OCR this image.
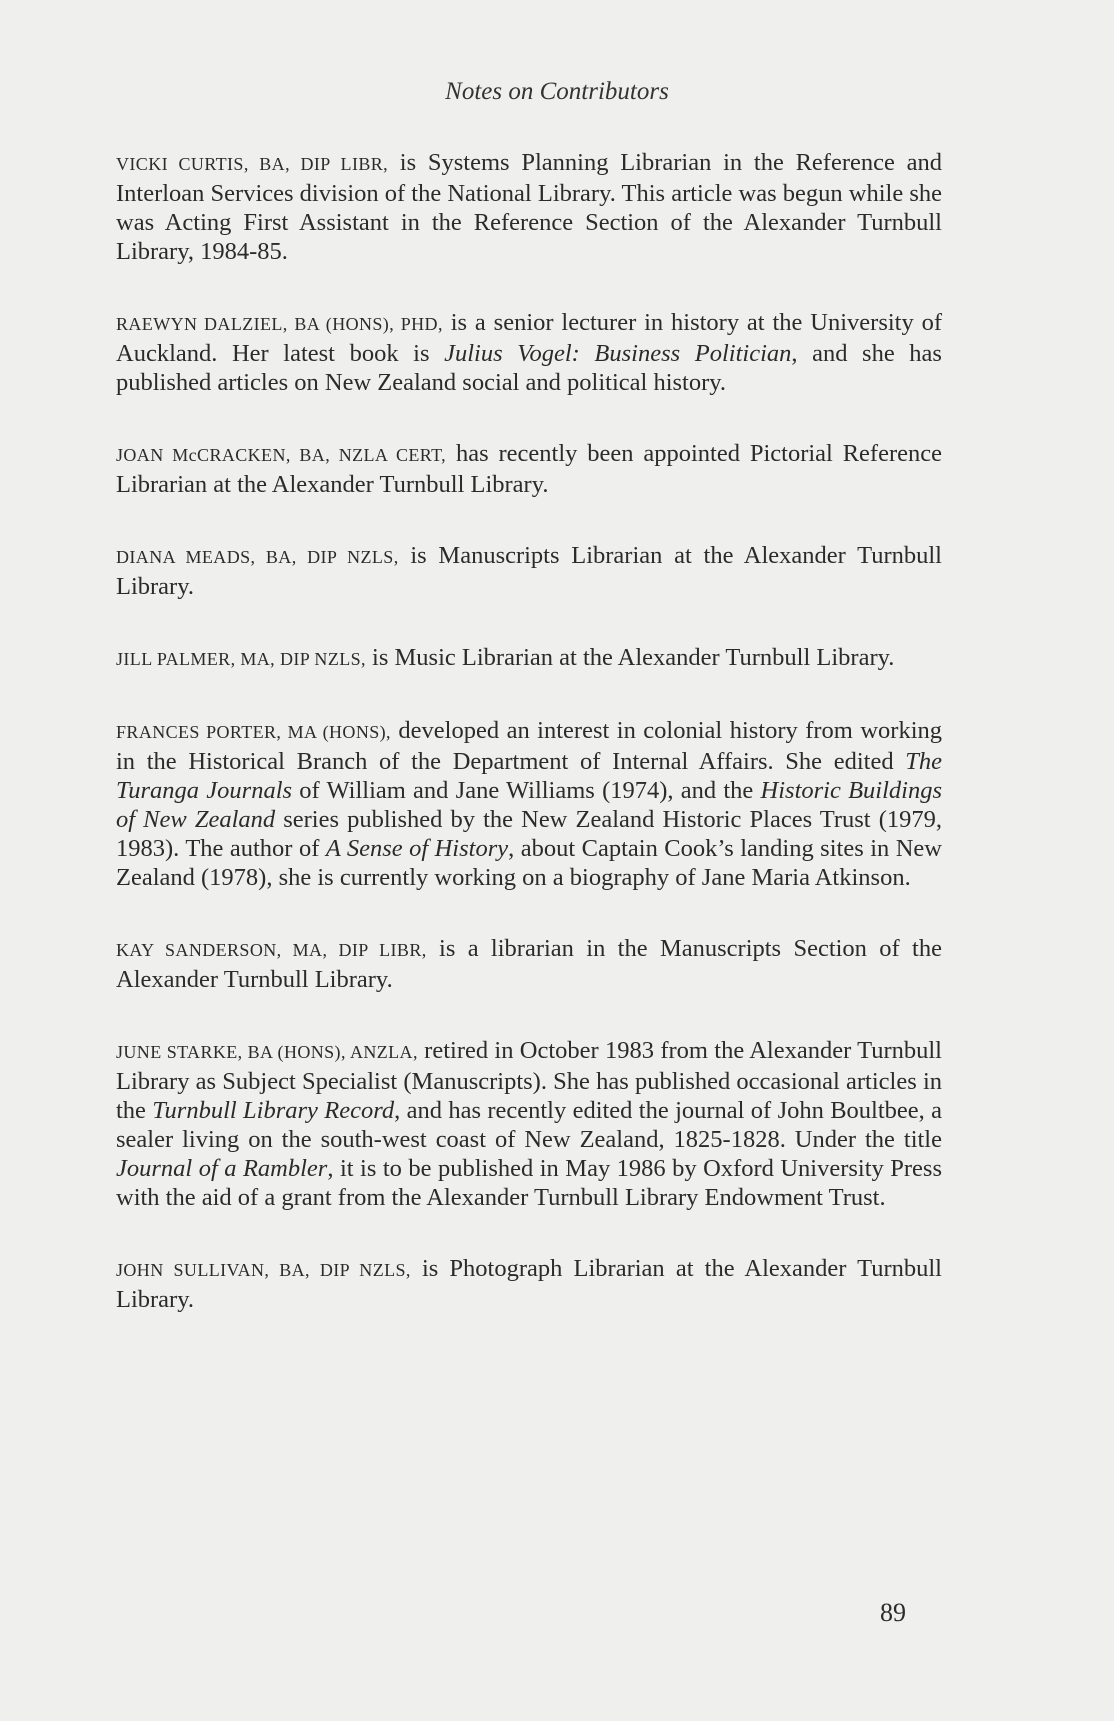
Notes on Contributors

VICKI CURTIS, BA, DIP LIBR, is Systems Planning Librarian in the Reference and Interloan Services division of the National Library. This article was begun while she was Acting First Assistant in the Reference Section of the Alexander Turnbull Library, 1984-85.

RAEWYN DALZIEL, BA (HONS), PHD, is a senior lecturer in history at the University of Auckland. Her latest book is Julius Vogel: Business Politician, and she has published articles on New Zealand social and political history.

JOAN McCRACKEN, BA, NZLA CERT, has recently been appointed Pictorial Reference Librarian at the Alexander Turnbull Library.

DIANA MEADS, BA, DIP NZLS, is Manuscripts Librarian at the Alexander Turnbull Library.

JILL PALMER, MA, DIP NZLS, is Music Librarian at the Alexander Turnbull Library.

FRANCES PORTER, MA (HONS), developed an interest in colonial history from working in the Historical Branch of the Department of Internal Affairs. She edited The Turanga Journals of William and Jane Williams (1974), and the Historic Buildings of New Zealand series published by the New Zealand Historic Places Trust (1979, 1983). The author of A Sense of History, about Captain Cook’s landing sites in New Zealand (1978), she is currently working on a biography of Jane Maria Atkinson.

KAY SANDERSON, MA, DIP LIBR, is a librarian in the Manuscripts Section of the Alexander Turnbull Library.

JUNE STARKE, BA (HONS), ANZLA, retired in October 1983 from the Alexander Turnbull Library as Subject Specialist (Manuscripts). She has published occasional articles in the Turnbull Library Record, and has recently edited the journal of John Boultbee, a sealer living on the south-west coast of New Zealand, 1825-1828. Under the title Journal of a Rambler, it is to be published in May 1986 by Oxford University Press with the aid of a grant from the Alexander Turnbull Library Endowment Trust.

JOHN SULLIVAN, BA, DIP NZLS, is Photograph Librarian at the Alexander Turnbull Library.

89
